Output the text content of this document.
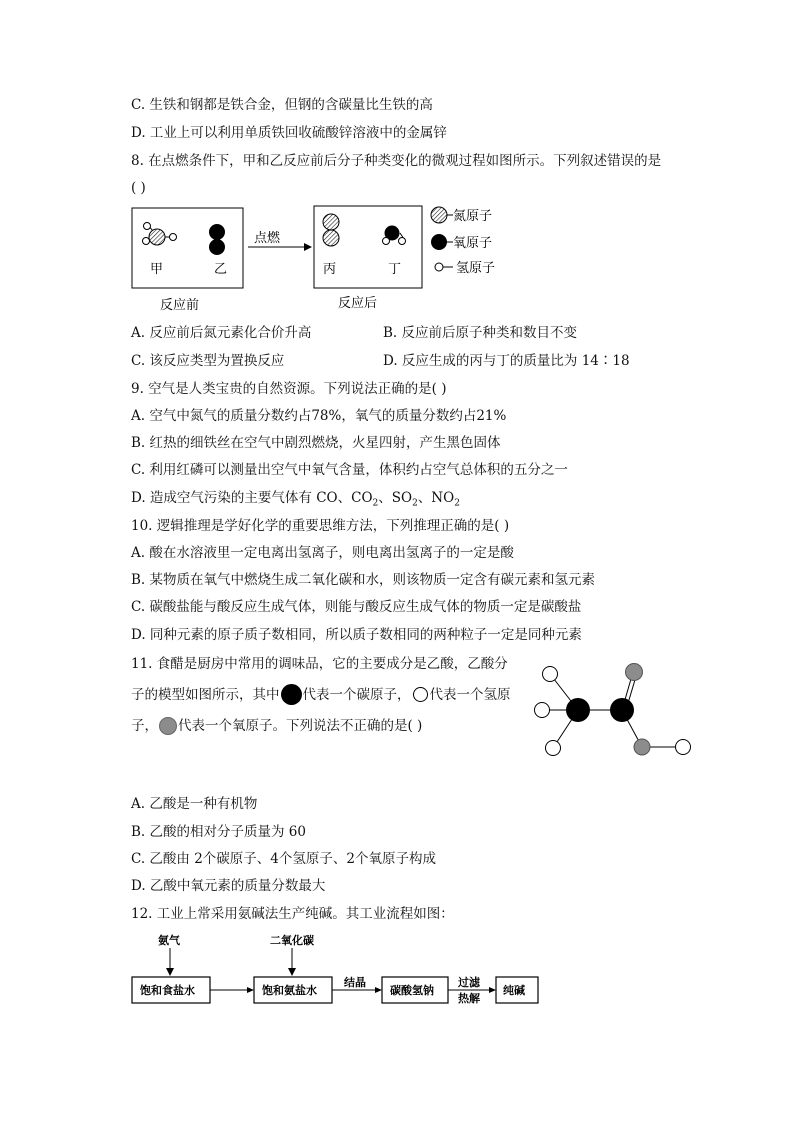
C. 生铁和钢都是铁合金，但钢的含碳量比生铁的高
D. 工业上可以利用单质铁回收硫酸锌溶液中的金属锌
8. 在点燃条件下，甲和乙反应前后分子种类变化的微观过程如图所示。下列叙述错误的是
( )
甲	乙
点燃
丙	丁
氮原子
氧原子
氢原子
反应前	反应后
A. 反应前后氮元素化合价升高	B. 反应前后原子种类和数目不变
C. 该反应类型为置换反应	D. 反应生成的丙与丁的质量比为 14∶18
9. 空气是人类宝贵的自然资源。下列说法正确的是( )
A. 空气中氮气的质量分数约占78%，氧气的质量分数约占21%
B. 红热的细铁丝在空气中剧烈燃烧，火星四射，产生黑色固体
C. 利用红磷可以测量出空气中氧气含量，体积约占空气总体积的五分之一
D. 造成空气污染的主要气体有 CO、$CO_2$、$SO_2$、$NO_2$
10. 逻辑推理是学好化学的重要思维方法，下列推理正确的是( )
A. 酸在水溶液里一定电离出氢离子，则电离出氢离子的一定是酸
B. 某物质在氧气中燃烧生成二氧化碳和水，则该物质一定含有碳元素和氢元素
C. 碳酸盐能与酸反应生成气体，则能与酸反应生成气体的物质一定是碳酸盐
D. 同种元素的原子质子数相同，所以质子数相同的两种粒子一定是同种元素
11. 食醋是厨房中常用的调味品，它的主要成分是乙酸，乙酸分
子的模型如图所示，其中 代表一个碳原子， 代表一个氢原
子， 代表一个氧原子。下列说法不正确的是( )
A. 乙酸是一种有机物
B. 乙酸的相对分子质量为 60
C. 乙酸由 2个碳原子、4个氢原子、2个氧原子构成
D. 乙酸中氧元素的质量分数最大
12. 工业上常采用氨碱法生产纯碱。其工业流程如图：
氨气	二氧化碳
饱和食盐水	饱和氨盐水	碳酸氢钠	纯碱
结晶	过滤
热解
